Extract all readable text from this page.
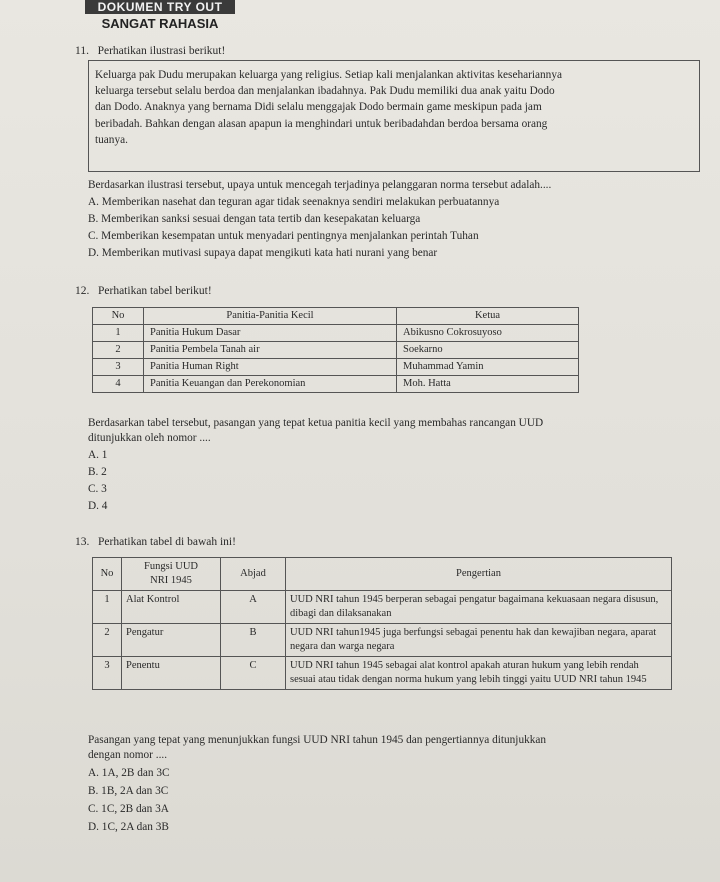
DOKUMEN TRY OUT
SANGAT RAHASIA
11. Perhatikan ilustrasi berikut!
Keluarga pak Dudu merupakan keluarga yang religius. Setiap kali menjalankan aktivitas kesehariannya
keluarga tersebut selalu berdoa dan menjalankan ibadahnya. Pak Dudu memiliki dua anak yaitu Dodo
dan Dodo. Anaknya yang bernama Didi selalu menggajak Dodo bermain game meskipun pada jam
beribadah. Bahkan dengan alasan apapun ia menghindari untuk beribadahdan berdoa bersama orang
tuanya.
Berdasarkan ilustrasi tersebut, upaya untuk mencegah terjadinya pelanggaran norma tersebut adalah....
A. Memberikan nasehat dan teguran agar tidak seenaknya sendiri melakukan perbuatannya
B. Memberikan sanksi sesuai dengan tata tertib dan kesepakatan keluarga
C. Memberikan kesempatan untuk menyadari pentingnya menjalankan perintah Tuhan
D. Memberikan mutivasi supaya dapat mengikuti kata hati nurani yang benar
12. Perhatikan tabel berikut!
No	Panitia-Panitia Kecil	Ketua
1	Panitia Hukum Dasar	Abikusno Cokrosuyoso
2	Panitia Pembela Tanah air	Soekarno
3	Panitia Human Right	Muhammad Yamin
4	Panitia Keuangan dan Perekonomian	Moh. Hatta
Berdasarkan tabel tersebut, pasangan yang tepat ketua panitia kecil yang membahas rancangan UUD
ditunjukkan oleh nomor ....
A. 1
B. 2
C. 3
D. 4
13. Perhatikan tabel di bawah ini!
No	Fungsi UUD
NRI 1945	Abjad	Pengertian
1	Alat Kontrol	A	UUD NRI tahun 1945 berperan sebagai pengatur bagaimana kekuasaan negara disusun, dibagi dan dilaksanakan
2	Pengatur	B	UUD NRI tahun1945 juga berfungsi sebagai penentu hak dan kewajiban negara, aparat negara dan warga negara
3	Penentu	C	UUD NRI tahun 1945 sebagai alat kontrol apakah aturan hukum yang lebih rendah sesuai atau tidak dengan norma hukum yang lebih tinggi yaitu UUD NRI tahun 1945
Pasangan yang tepat yang menunjukkan fungsi UUD NRI tahun 1945 dan pengertiannya ditunjukkan
dengan nomor ....
A. 1A, 2B dan 3C
B. 1B, 2A dan 3C
C. 1C, 2B dan 3A
D. 1C, 2A dan 3B
